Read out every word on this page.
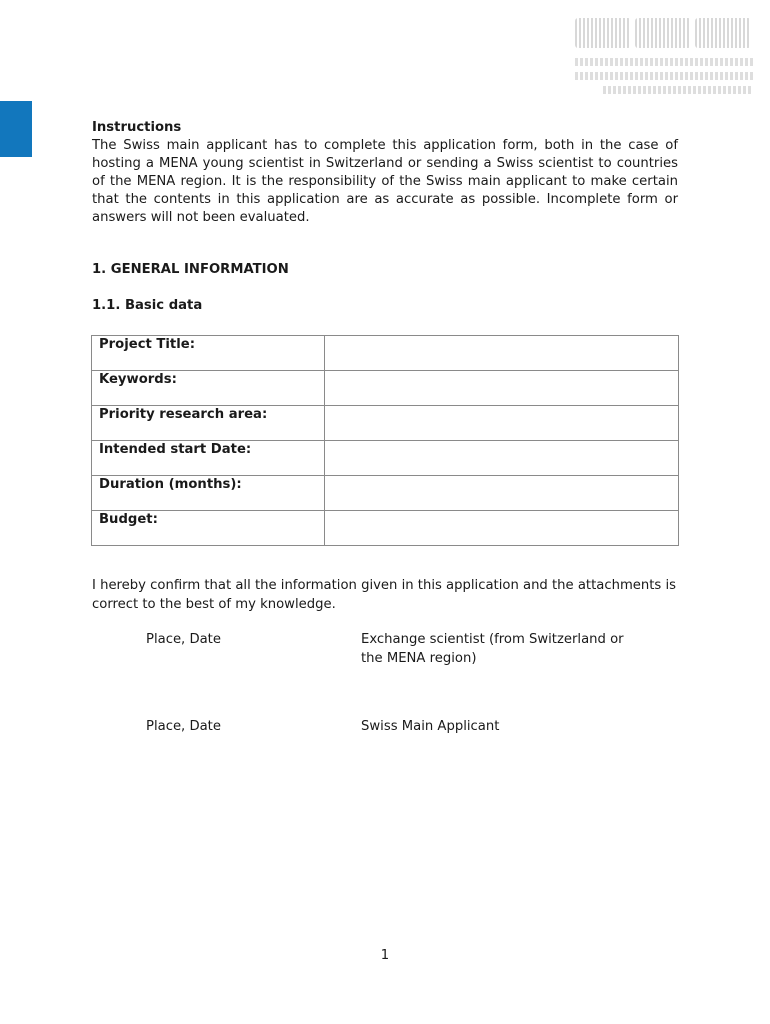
Instructions

The Swiss main applicant has to complete this application form, both in the case of hosting a MENA young scientist in Switzerland or sending a Swiss scientist to countries of the MENA region. It is the responsibility of the Swiss main applicant to make certain that the contents in this application are as accurate as possible. Incomplete form or answers will not been evaluated.

1. GENERAL INFORMATION

1.1. Basic data

Project Title:	
Keywords:	
Priority research area:	
Intended start Date:	
Duration (months):	
Budget:	

I hereby confirm that all the information given in this application and the attachments is correct to the best of my knowledge.

Place, Date	Exchange scientist (from Switzerland or the MENA region)

Place, Date	Swiss Main Applicant

1
